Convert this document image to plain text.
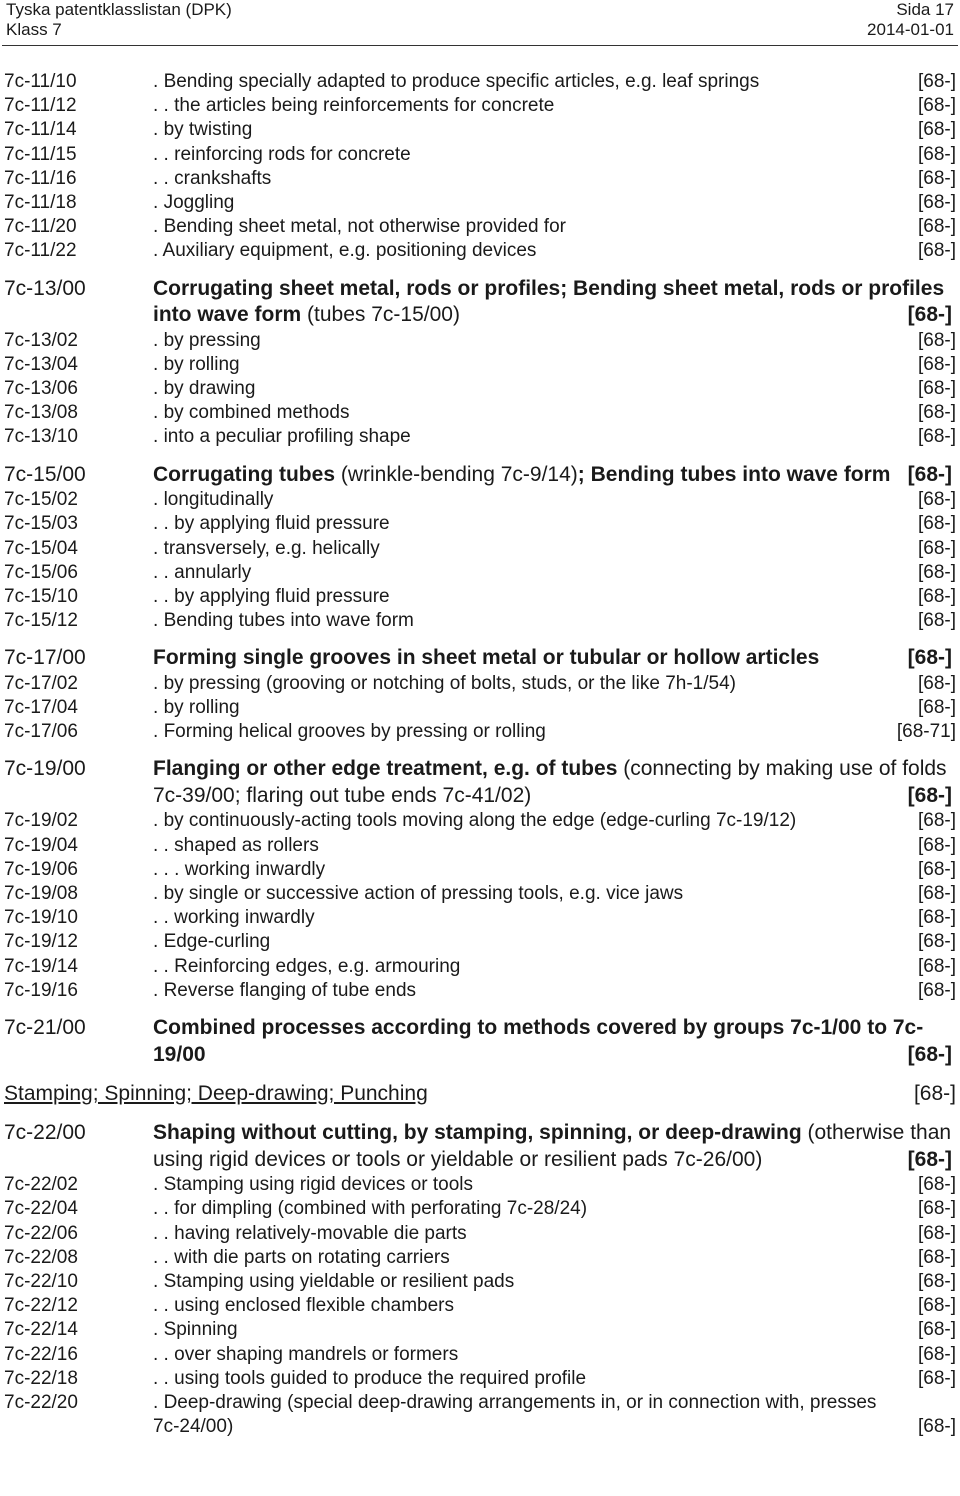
Tyska patentklasslistan (DPK)
Klass 7
Sida 17
2014-01-01
7c-11/10	. Bending specially adapted to produce specific articles, e.g. leaf springs	[68-]
7c-11/12	. . the articles being reinforcements for concrete	[68-]
7c-11/14	. by twisting	[68-]
7c-11/15	. . reinforcing rods for concrete	[68-]
7c-11/16	. . crankshafts	[68-]
7c-11/18	. Joggling	[68-]
7c-11/20	. Bending sheet metal, not otherwise provided for	[68-]
7c-11/22	. Auxiliary equipment, e.g. positioning devices	[68-]
7c-13/00	Corrugating sheet metal, rods or profiles; Bending sheet metal, rods or profiles into wave form (tubes 7c-15/00)	[68-]
7c-13/02	. by pressing	[68-]
7c-13/04	. by rolling	[68-]
7c-13/06	. by drawing	[68-]
7c-13/08	. by combined methods	[68-]
7c-13/10	. into a peculiar profiling shape	[68-]
7c-15/00	Corrugating tubes (wrinkle-bending 7c-9/14); Bending tubes into wave form [68-]
7c-15/02	. longitudinally	[68-]
7c-15/03	. . by applying fluid pressure	[68-]
7c-15/04	. transversely, e.g. helically	[68-]
7c-15/06	. . annularly	[68-]
7c-15/10	. . by applying fluid pressure	[68-]
7c-15/12	. Bending tubes into wave form	[68-]
7c-17/00	Forming single grooves in sheet metal or tubular or hollow articles	[68-]
7c-17/02	. by pressing (grooving or notching of bolts, studs, or the like 7h-1/54)	[68-]
7c-17/04	. by rolling	[68-]
7c-17/06	. Forming helical grooves by pressing or rolling	[68-71]
7c-19/00	Flanging or other edge treatment, e.g. of tubes (connecting by making use of folds 7c-39/00; flaring out tube ends 7c-41/02)	[68-]
7c-19/02	. by continuously-acting tools moving along the edge (edge-curling 7c-19/12)	[68-]
7c-19/04	. . shaped as rollers	[68-]
7c-19/06	. . . working inwardly	[68-]
7c-19/08	. by single or successive action of pressing tools, e.g. vice jaws	[68-]
7c-19/10	. . working inwardly	[68-]
7c-19/12	. Edge-curling	[68-]
7c-19/14	. . Reinforcing edges, e.g. armouring	[68-]
7c-19/16	. Reverse flanging of tube ends	[68-]
7c-21/00	Combined processes according to methods covered by groups 7c-1/00 to 7c-19/00	[68-]
Stamping; Spinning; Deep-drawing; Punching	[68-]
7c-22/00	Shaping without cutting, by stamping, spinning, or deep-drawing (otherwise than using rigid devices or tools or yieldable or resilient pads 7c-26/00)	[68-]
7c-22/02	. Stamping using rigid devices or tools	[68-]
7c-22/04	. . for dimpling (combined with perforating 7c-28/24)	[68-]
7c-22/06	. . having relatively-movable die parts	[68-]
7c-22/08	. . with die parts on rotating carriers	[68-]
7c-22/10	. Stamping using yieldable or resilient pads	[68-]
7c-22/12	. . using enclosed flexible chambers	[68-]
7c-22/14	. Spinning	[68-]
7c-22/16	. . over shaping mandrels or formers	[68-]
7c-22/18	. . using tools guided to produce the required profile	[68-]
7c-22/20	. Deep-drawing (special deep-drawing arrangements in, or in connection with, presses 7c-24/00)	[68-]
